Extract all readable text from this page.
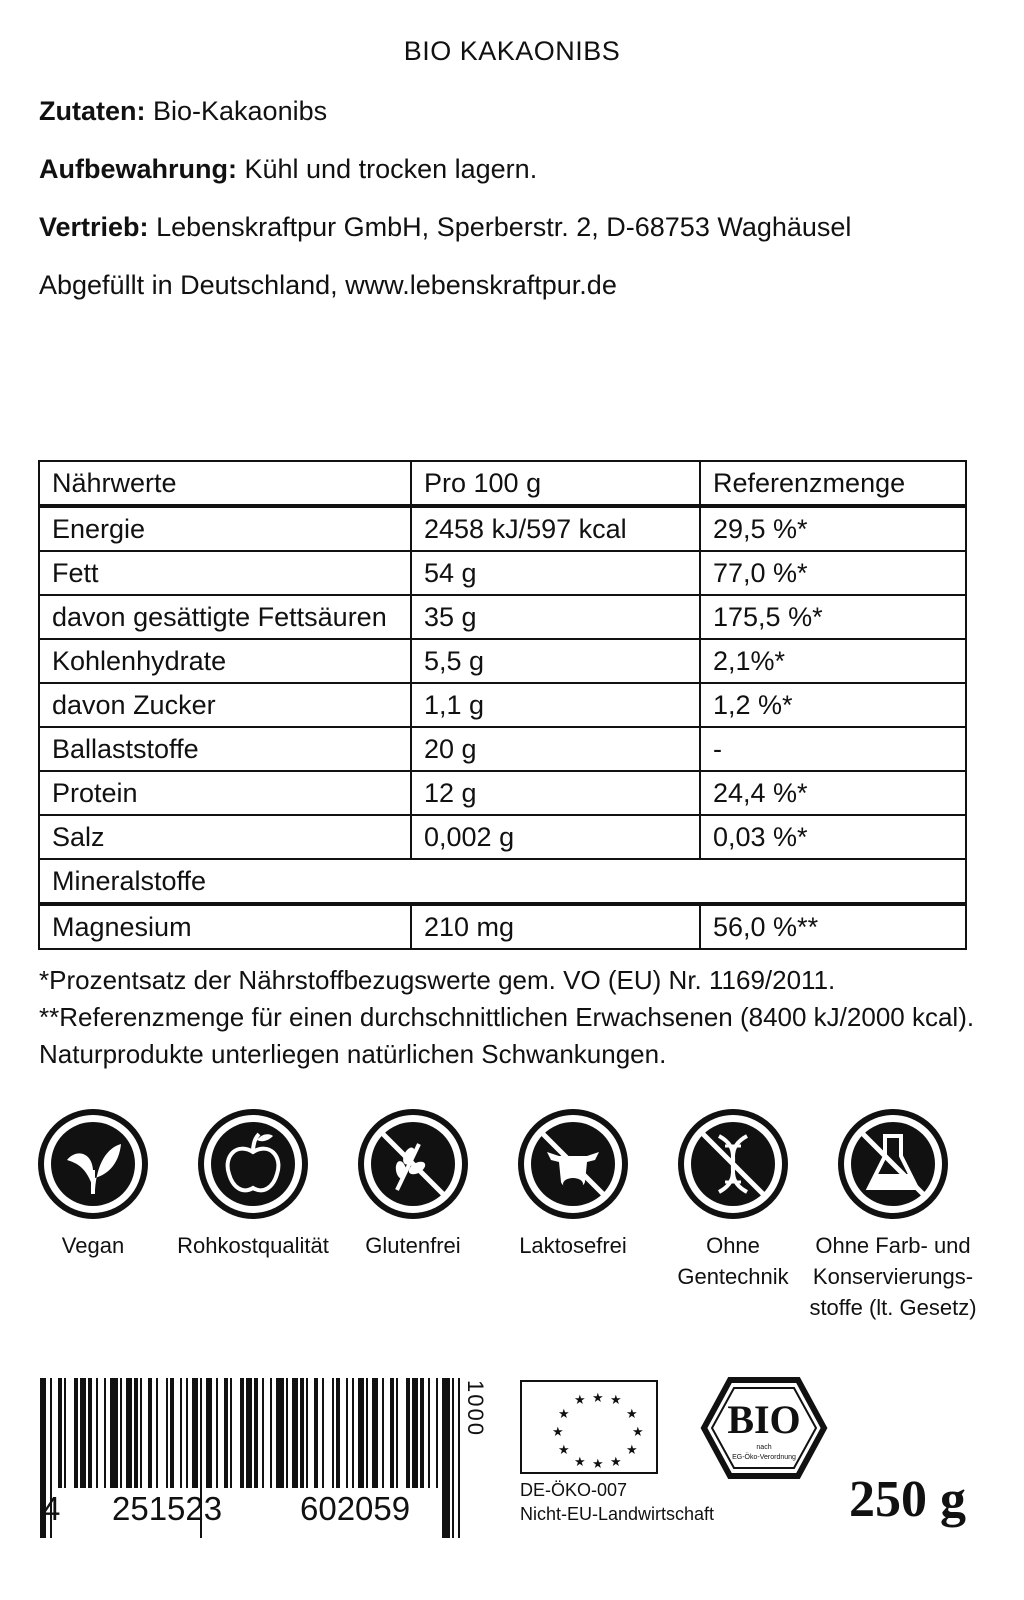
BIO KAKAONIBS
Zutaten: Bio-Kakaonibs
Aufbewahrung: Kühl und trocken lagern.
Vertrieb: Lebenskraftpur GmbH, Sperberstr. 2, D-68753 Waghäusel
Abgefüllt in Deutschland, www.lebenskraftpur.de
Nährwerte	Pro 100 g	Referenzmenge
Energie	2458 kJ/597 kcal	29,5 %*
Fett	54 g	77,0 %*
davon gesättigte Fettsäuren	35 g	175,5 %*
Kohlenhydrate	5,5 g	2,1%*
davon Zucker	1,1 g	1,2 %*
Ballaststoffe	20 g	-
Protein	12 g	24,4 %*
Salz	0,002 g	0,03 %*
Mineralstoffe		
Magnesium	210 mg	56,0 %**
*Prozentsatz der Nährstoffbezugswerte gem. VO (EU) Nr. 1169/2011.
**Referenzmenge für einen durchschnittlichen Erwachsenen (8400 kJ/2000 kcal).
Naturprodukte unterliegen natürlichen Schwankungen.
Vegan	Rohkostqualität	Glutenfrei	Laktosefrei	Ohne
Gentechnik
Ohne Farb- und
Konservierungs-
stoffe (lt. Gesetz)
4 251523 602059
1000	★ ★ ★
★	★
★	★
★	★
★ ★ ★
DE-ÖKO-007
Nicht-EU-Landwirtschaft
BIO
nach
EG-Öko-Verordnung
250 g
